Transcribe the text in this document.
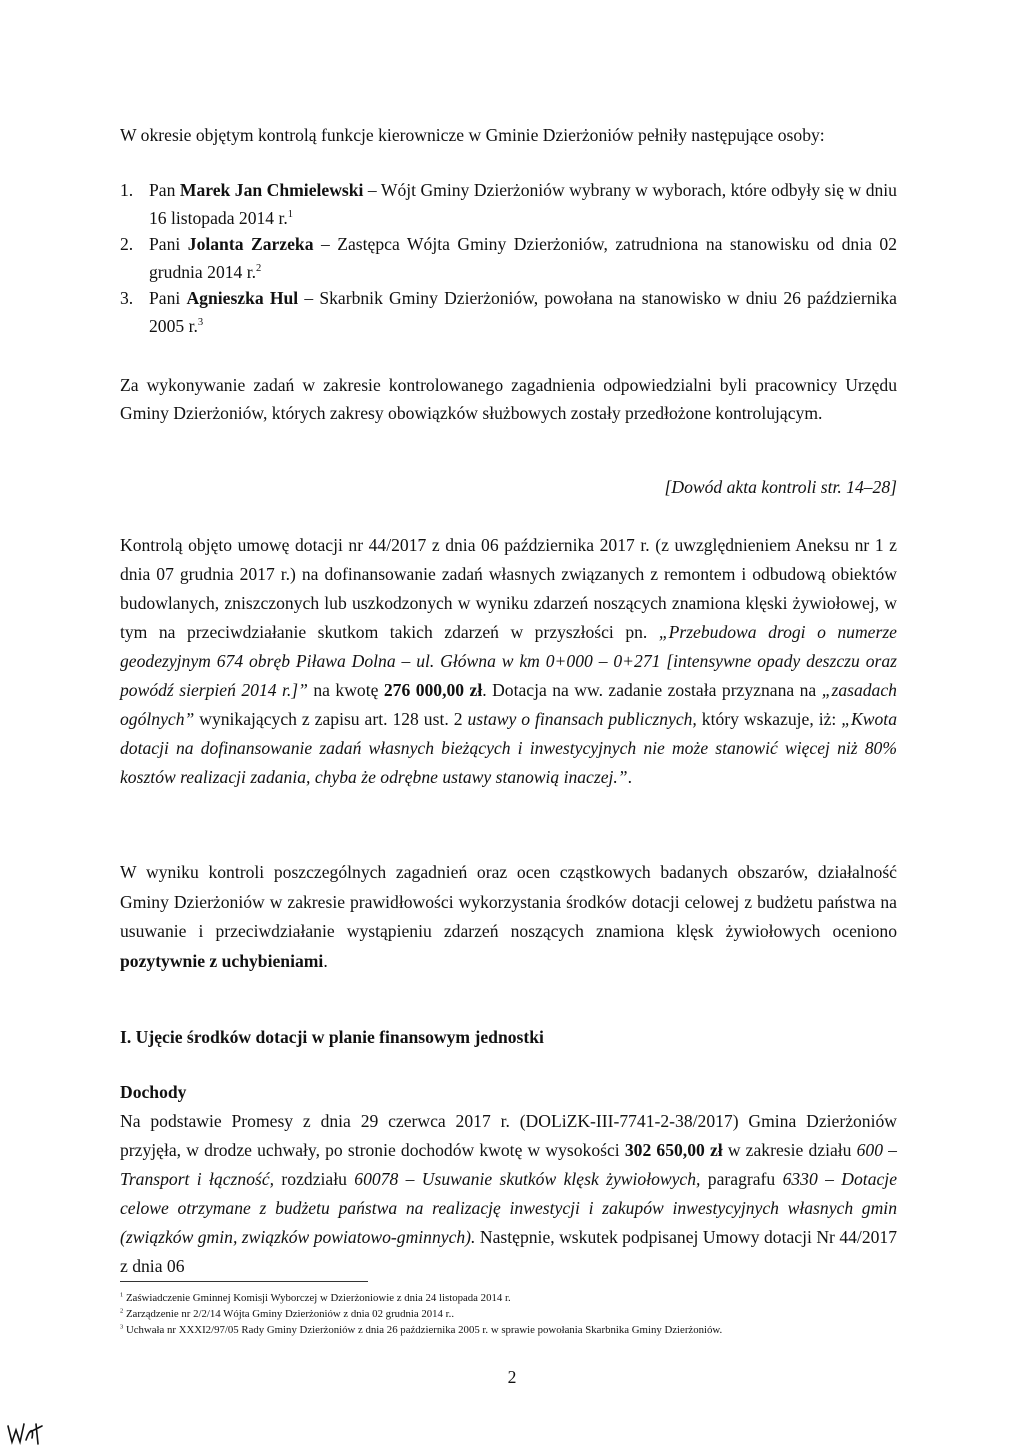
W okresie objętym kontrolą funkcje kierownicze w Gminie Dzierżoniów pełniły następujące osoby:
1. Pan Marek Jan Chmielewski – Wójt Gminy Dzierżoniów wybrany w wyborach, które odbyły się w dniu 16 listopada 2014 r.$^1$
2. Pani Jolanta Zarzeka – Zastępca Wójta Gminy Dzierżoniów, zatrudniona na stanowisku od dnia 02 grudnia 2014 r.$^2$
3. Pani Agnieszka Hul – Skarbnik Gminy Dzierżoniów, powołana na stanowisko w dniu 26 października 2005 r.$^3$
Za wykonywanie zadań w zakresie kontrolowanego zagadnienia odpowiedzialni byli pracownicy Urzędu Gminy Dzierżoniów, których zakresy obowiązków służbowych zostały przedłożone kontrolującym.
[Dowód akta kontroli str. 14–28]
Kontrolą objęto umowę dotacji nr 44/2017 z dnia 06 października 2017 r. (z uwzględnieniem Aneksu nr 1 z dnia 07 grudnia 2017 r.) na dofinansowanie zadań własnych związanych z remontem i odbudową obiektów budowlanych, zniszczonych lub uszkodzonych w wyniku zdarzeń noszących znamiona klęski żywiołowej, w tym na przeciwdziałanie skutkom takich zdarzeń w przyszłości pn. „Przebudowa drogi o numerze geodezyjnym 674 obręb Piława Dolna – ul. Główna w km 0+000 – 0+271 [intensywne opady deszczu oraz powódź sierpień 2014 r.]” na kwotę 276 000,00 zł. Dotacja na ww. zadanie została przyznana na „zasadach ogólnych” wynikających z zapisu art. 128 ust. 2 ustawy o finansach publicznych, który wskazuje, iż: „Kwota dotacji na dofinansowanie zadań własnych bieżących i inwestycyjnych nie może stanowić więcej niż 80% kosztów realizacji zadania, chyba że odrębne ustawy stanowią inaczej.”.
W wyniku kontroli poszczególnych zagadnień oraz ocen cząstkowych badanych obszarów, działalność Gminy Dzierżoniów w zakresie prawidłowości wykorzystania środków dotacji celowej z budżetu państwa na usuwanie i przeciwdziałanie wystąpieniu zdarzeń noszących znamiona klęsk żywiołowych oceniono pozytywnie z uchybieniami.
I. Ujęcie środków dotacji w planie finansowym jednostki
Dochody
Na podstawie Promesy z dnia 29 czerwca 2017 r. (DOLiZK-III-7741-2-38/2017) Gmina Dzierżoniów przyjęła, w drodze uchwały, po stronie dochodów kwotę w wysokości 302 650,00 zł w zakresie działu 600 – Transport i łączność, rozdziału 60078 – Usuwanie skutków klęsk żywiołowych, paragrafu 6330 – Dotacje celowe otrzymane z budżetu państwa na realizację inwestycji i zakupów inwestycyjnych własnych gmin (związków gmin, związków powiatowo-gminnych). Następnie, wskutek podpisanej Umowy dotacji Nr 44/2017 z dnia 06
$^1$ Zaświadczenie Gminnej Komisji Wyborczej w Dzierżoniowie z dnia 24 listopada 2014 r.
$^2$ Zarządzenie nr 2/2/14 Wójta Gminy Dzierżoniów z dnia 02 grudnia 2014 r..
$^3$ Uchwała nr XXXI2/97/05 Rady Gminy Dzierżoniów z dnia 26 października 2005 r. w sprawie powołania Skarbnika Gminy Dzierżoniów.
2
